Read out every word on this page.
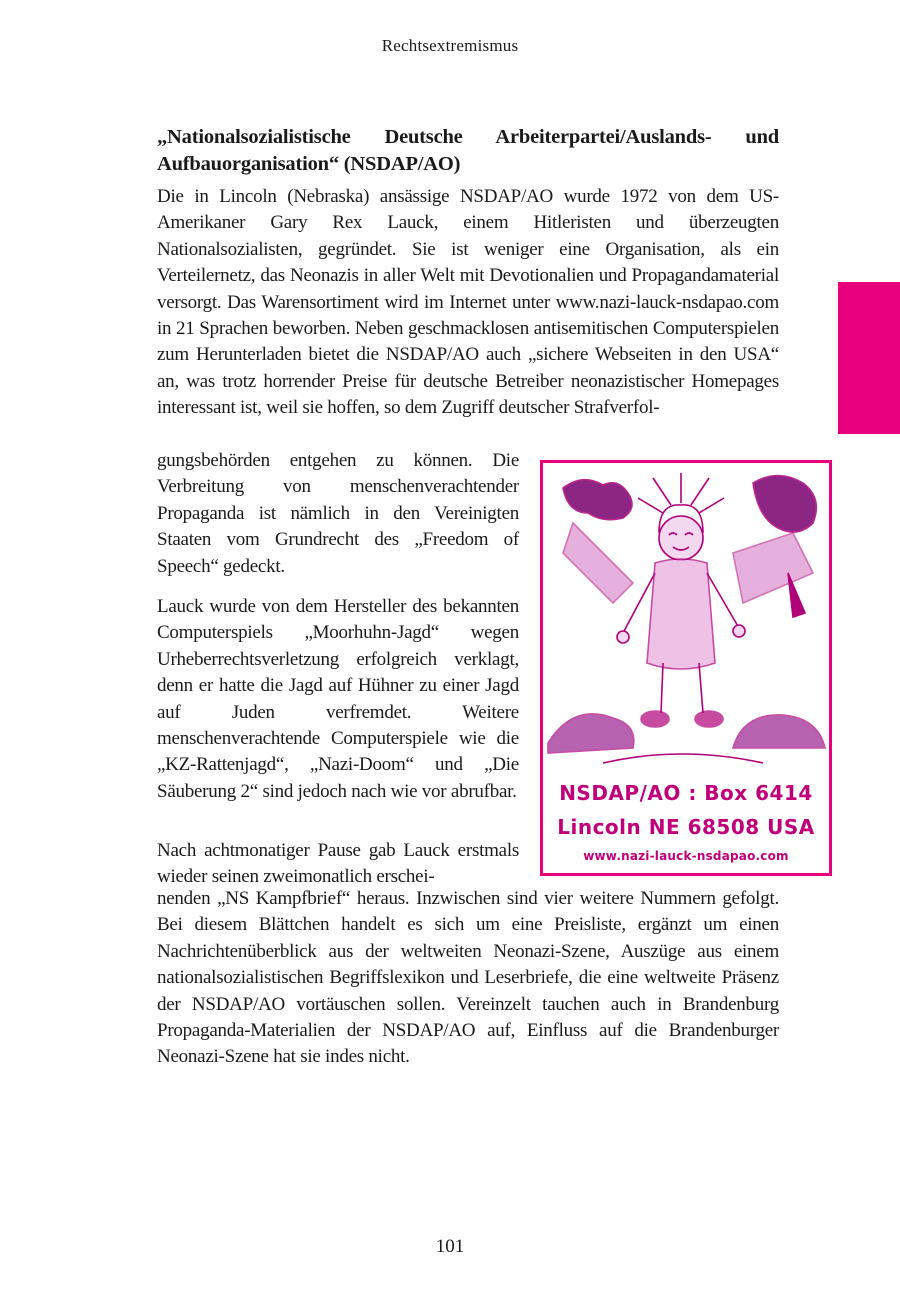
Rechtsextremismus
„Nationalsozialistische Deutsche Arbeiterpartei/Auslands- und Aufbauorganisation“ (NSDAP/AO)
Die in Lincoln (Nebraska) ansässige NSDAP/AO wurde 1972 von dem US-Amerikaner Gary Rex Lauck, einem Hitleristen und überzeugten Nationalsozialisten, gegründet. Sie ist weniger eine Organisation, als ein Verteilernetz, das Neonazis in aller Welt mit Devotionalien und Propagandamaterial versorgt. Das Warensortiment wird im Internet unter www.nazi-lauck-nsdapao.com in 21 Sprachen beworben. Neben geschmacklosen antisemitischen Computerspielen zum Herunterladen bietet die NSDAP/AO auch „sichere Webseiten in den USA“ an, was trotz horrender Preise für deutsche Betreiber neonazistischer Homepages interessant ist, weil sie hoffen, so dem Zugriff deutscher Strafverfol-
gungsbehörden entgehen zu können. Die Verbreitung von menschenverachtender Propaganda ist nämlich in den Vereinigten Staaten vom Grundrecht des „Freedom of Speech“ gedeckt.
Lauck wurde von dem Hersteller des bekannten Computerspiels „Moorhuhn-Jagd“ wegen Urheberrechtsverletzung erfolgreich verklagt, denn er hatte die Jagd auf Hühner zu einer Jagd auf Juden verfremdet. Weitere menschenverachtende Computerspiele wie die „KZ-Rattenjagd“, „Nazi-Doom“ und „Die Säuberung 2“ sind jedoch nach wie vor abrufbar.
Nach achtmonatiger Pause gab Lauck erstmals wieder seinen zweimonatlich erschei-
nenden „NS Kampfbrief“ heraus. Inzwischen sind vier weitere Nummern gefolgt. Bei diesem Blättchen handelt es sich um eine Preisliste, ergänzt um einen Nachrichtenüberblick aus der weltweiten Neonazi-Szene, Auszüge aus einem nationalsozialistischen Begriffslexikon und Leserbriefe, die eine weltweite Präsenz der NSDAP/AO vortäuschen sollen. Vereinzelt tauchen auch in Brandenburg Propaganda-Materialien der NSDAP/AO auf, Einfluss auf die Brandenburger Neonazi-Szene hat sie indes nicht.
NSDAP/AO : Box 6414
Lincoln NE 68508 USA
www.nazi-lauck-nsdapao.com
101
